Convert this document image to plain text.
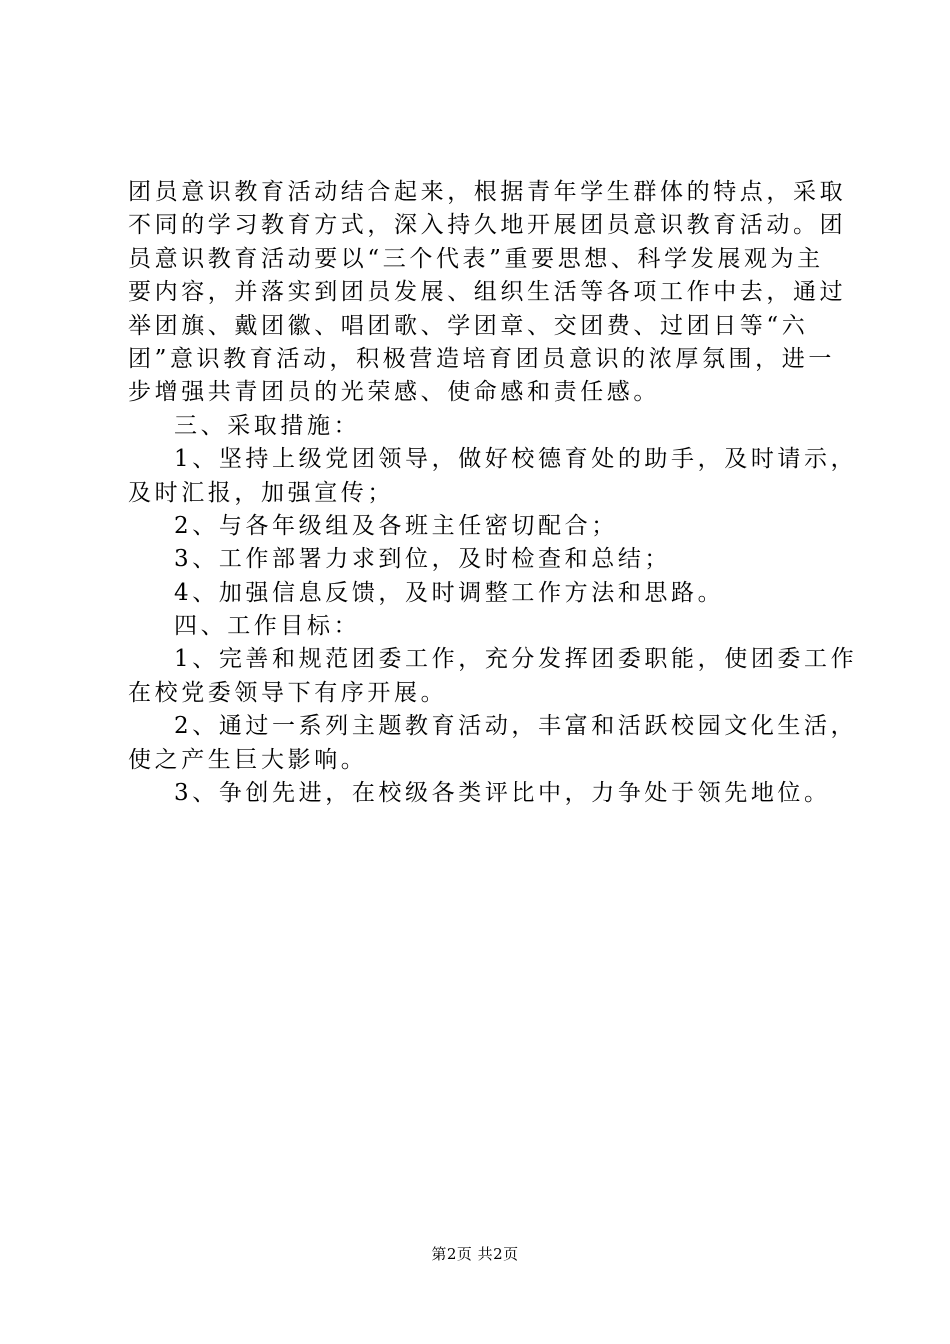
团员意识教育活动结合起来，根据青年学生群体的特点，采取
不同的学习教育方式，深入持久地开展团员意识教育活动。团
员意识教育活动要以“三个代表”重要思想、科学发展观为主
要内容，并落实到团员发展、组织生活等各项工作中去，通过
举团旗、戴团徽、唱团歌、学团章、交团费、过团日等“六
团”意识教育活动，积极营造培育团员意识的浓厚氛围，进一
步增强共青团员的光荣感、使命感和责任感。
三、采取措施：
1、坚持上级党团领导，做好校德育处的助手，及时请示，
及时汇报，加强宣传；
2、与各年级组及各班主任密切配合；
3、工作部署力求到位，及时检查和总结；
4、加强信息反馈，及时调整工作方法和思路。
四、工作目标：
1、完善和规范团委工作，充分发挥团委职能，使团委工作
在校党委领导下有序开展。
2、通过一系列主题教育活动，丰富和活跃校园文化生活，
使之产生巨大影响。
3、争创先进，在校级各类评比中，力争处于领先地位。
第2页 共2页
